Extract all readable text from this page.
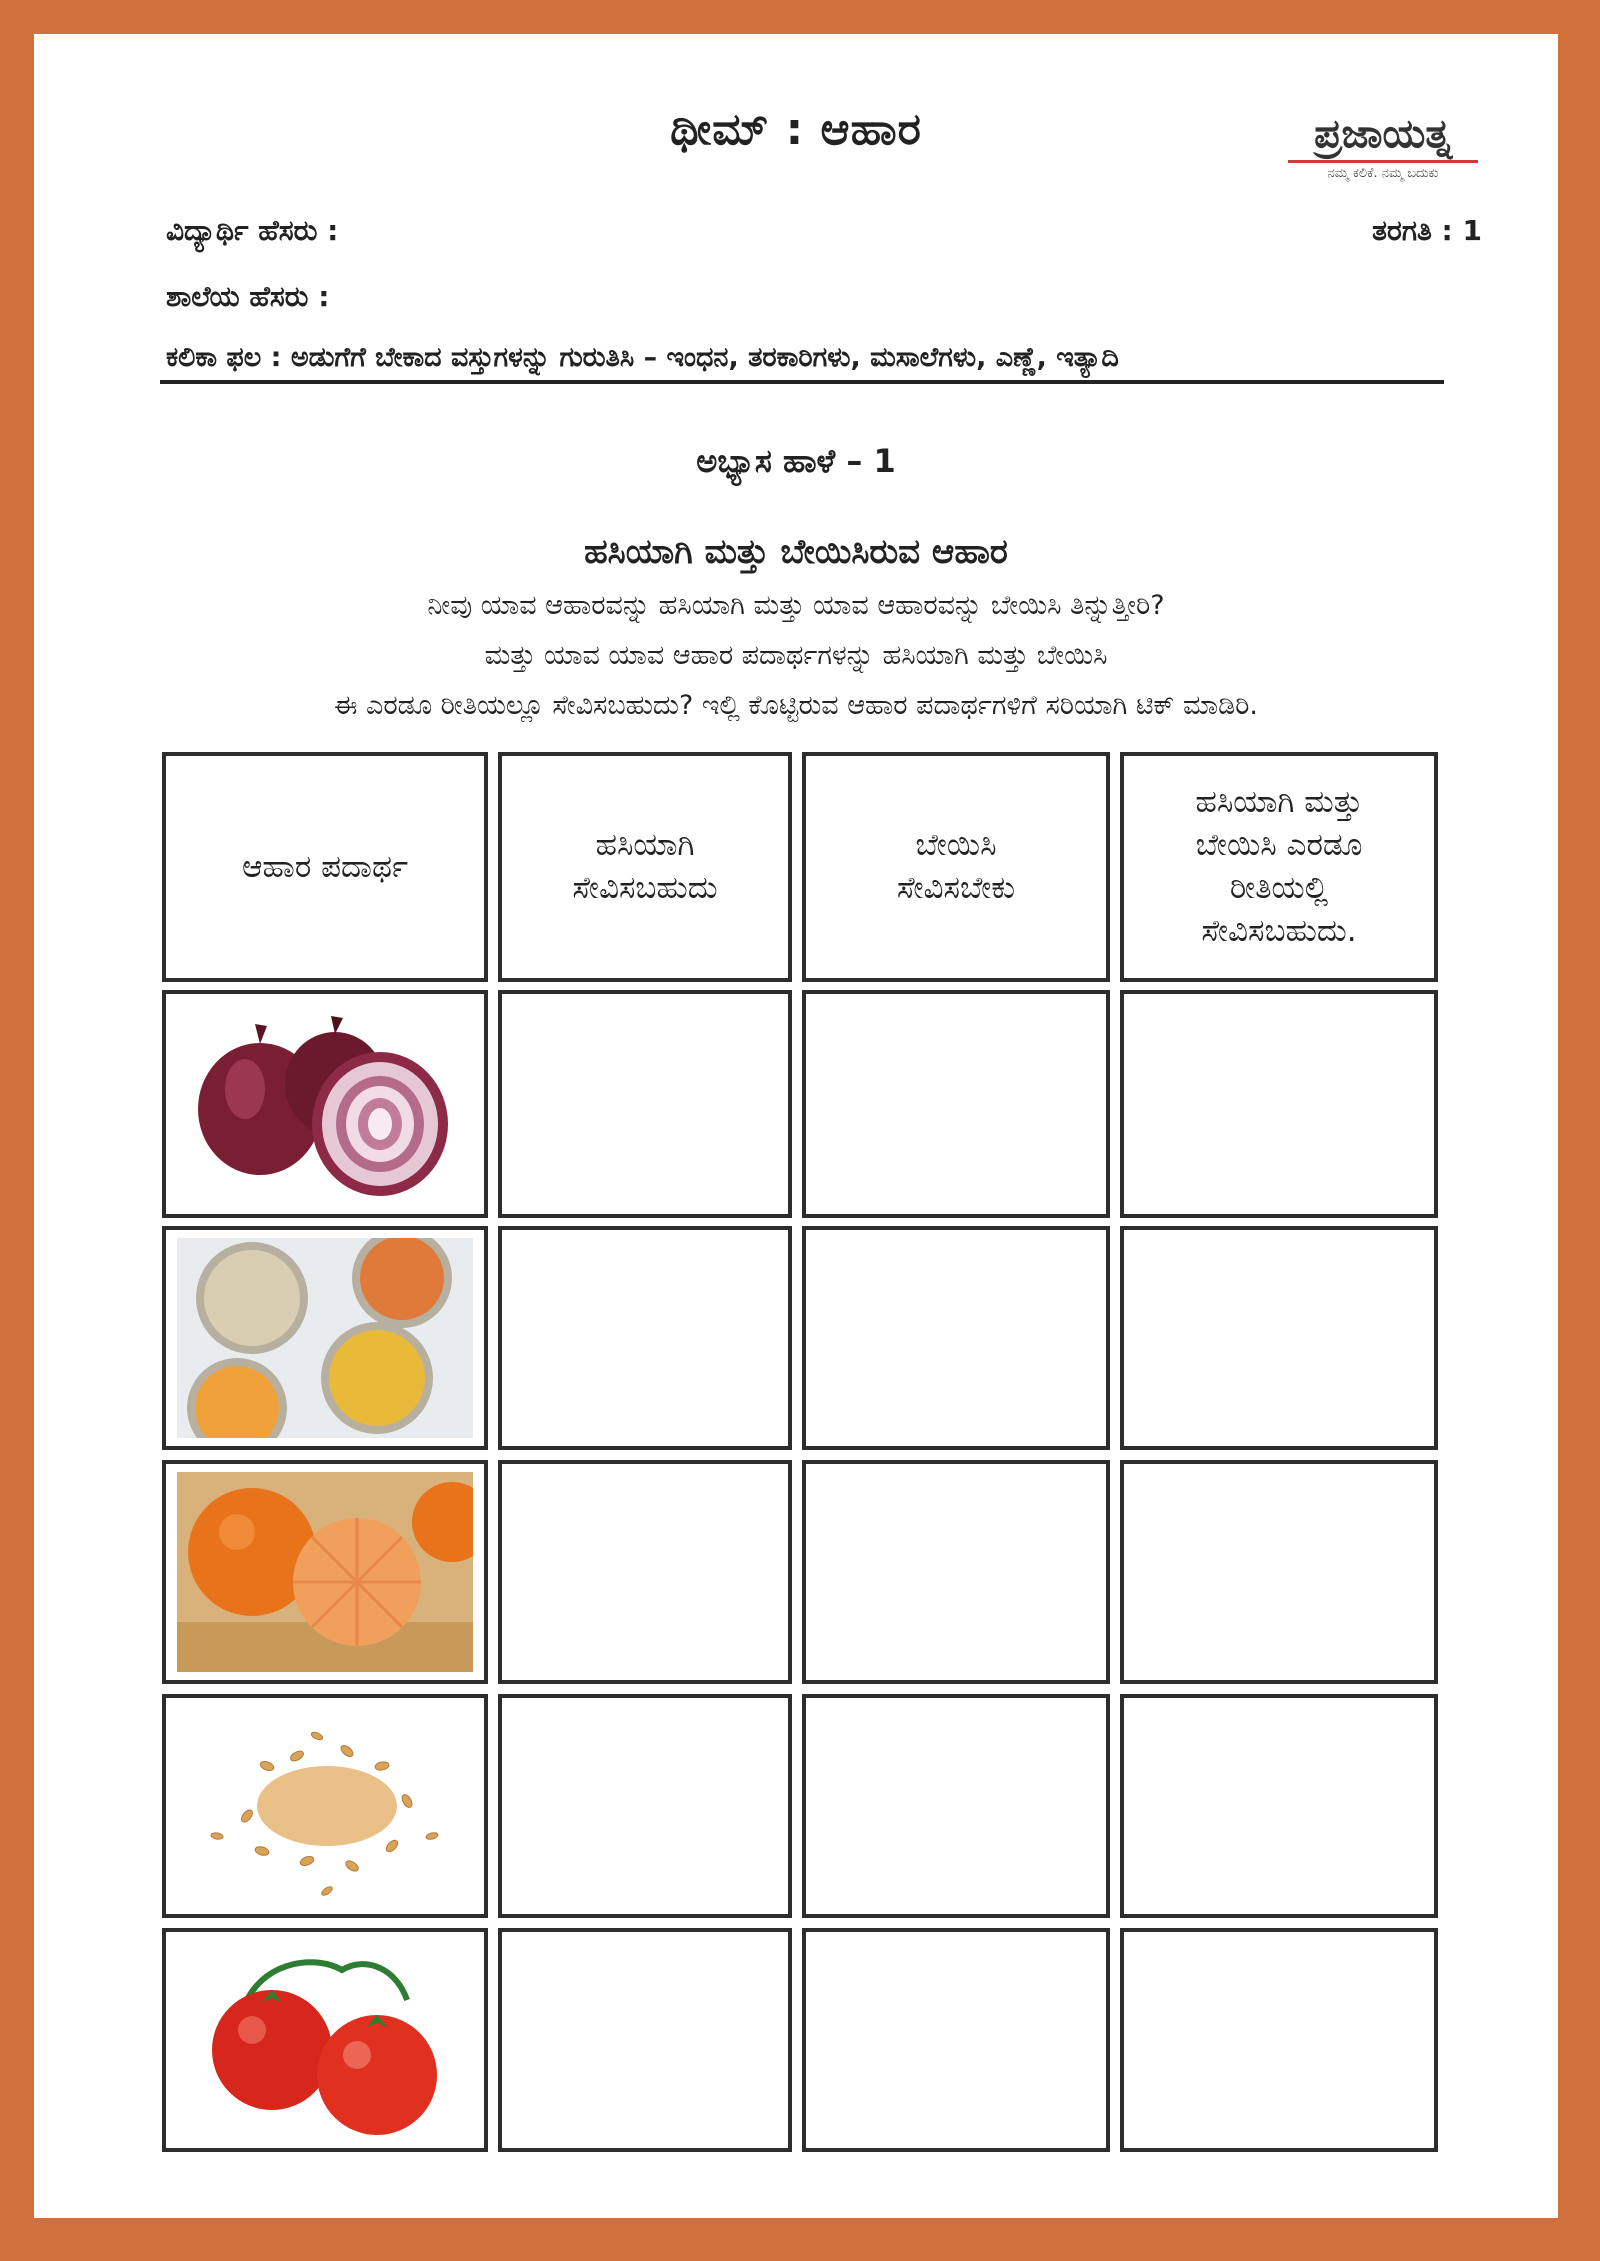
ಥೀಮ್ : ಆಹಾರ	ಪ್ರಜಾಯತ್ನ
ನಮ್ಮ ಕಲಿಕೆ. ನಮ್ಮ ಬದುಕು
ವಿದ್ಯಾರ್ಥಿ ಹೆಸರು :	ತರಗತಿ : 1
ಶಾಲೆಯ ಹೆಸರು :
ಕಲಿಕಾ ಫಲ : ಅಡುಗೆಗೆ ಬೇಕಾದ ವಸ್ತುಗಳನ್ನು ಗುರುತಿಸಿ – ಇಂಧನ, ತರಕಾರಿಗಳು, ಮಸಾಲೆಗಳು, ಎಣ್ಣೆ, ಇತ್ಯಾದಿ
ಅಭ್ಯಾಸ ಹಾಳೆ – 1
ಹಸಿಯಾಗಿ ಮತ್ತು ಬೇಯಿಸಿರುವ ಆಹಾರ
ನೀವು ಯಾವ ಆಹಾರವನ್ನು ಹಸಿಯಾಗಿ ಮತ್ತು ಯಾವ ಆಹಾರವನ್ನು ಬೇಯಿಸಿ ತಿನ್ನುತ್ತೀರಿ?
ಮತ್ತು ಯಾವ ಯಾವ ಆಹಾರ ಪದಾರ್ಥಗಳನ್ನು ಹಸಿಯಾಗಿ ಮತ್ತು ಬೇಯಿಸಿ
ಈ ಎರಡೂ ರೀತಿಯಲ್ಲೂ ಸೇವಿಸಬಹುದು? ಇಲ್ಲಿ ಕೊಟ್ಟಿರುವ ಆಹಾರ ಪದಾರ್ಥಗಳಿಗೆ ಸರಿಯಾಗಿ ಟಿಕ್ ಮಾಡಿರಿ.
ಆಹಾರ ಪದಾರ್ಥ
ಹಸಿಯಾಗಿ
ಸೇವಿಸಬಹುದು
ಬೇಯಿಸಿ
ಸೇವಿಸಬೇಕು
ಹಸಿಯಾಗಿ ಮತ್ತು
ಬೇಯಿಸಿ ಎರಡೂ
ರೀತಿಯಲ್ಲಿ
ಸೇವಿಸಬಹುದು.
